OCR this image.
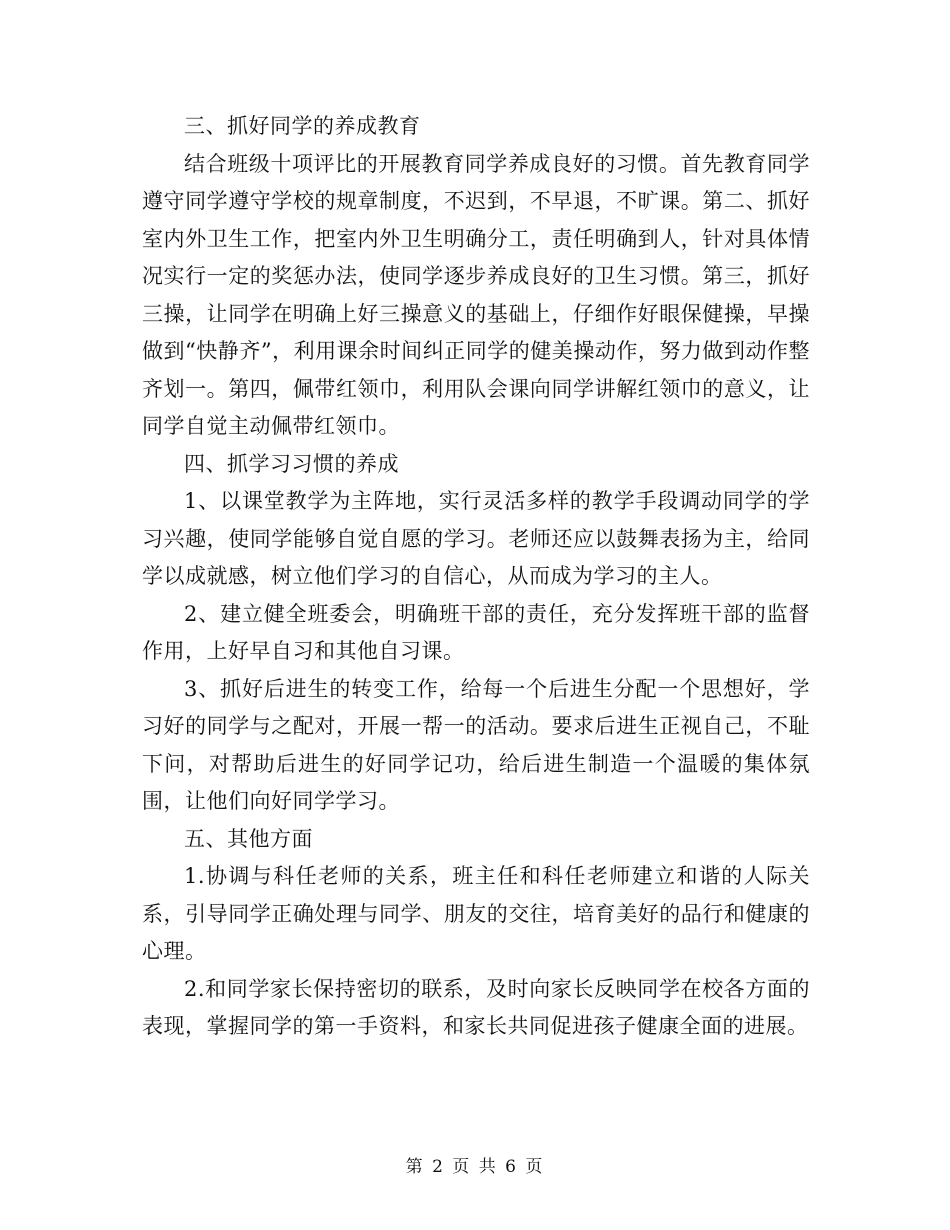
三、抓好同学的养成教育

结合班级十项评比的开展教育同学养成良好的习惯。首先教育同学遵守同学遵守学校的规章制度，不迟到，不早退，不旷课。第二、抓好室内外卫生工作，把室内外卫生明确分工，责任明确到人，针对具体情况实行一定的奖惩办法，使同学逐步养成良好的卫生习惯。第三，抓好三操，让同学在明确上好三操意义的基础上，仔细作好眼保健操，早操做到“快静齐”，利用课余时间纠正同学的健美操动作，努力做到动作整齐划一。第四，佩带红领巾，利用队会课向同学讲解红领巾的意义，让同学自觉主动佩带红领巾。

四、抓学习习惯的养成

1、以课堂教学为主阵地，实行灵活多样的教学手段调动同学的学习兴趣，使同学能够自觉自愿的学习。老师还应以鼓舞表扬为主，给同学以成就感，树立他们学习的自信心，从而成为学习的主人。

2、建立健全班委会，明确班干部的责任，充分发挥班干部的监督作用，上好早自习和其他自习课。

3、抓好后进生的转变工作，给每一个后进生分配一个思想好，学习好的同学与之配对，开展一帮一的活动。要求后进生正视自己，不耻下问，对帮助后进生的好同学记功，给后进生制造一个温暖的集体氛围，让他们向好同学学习。

五、其他方面

1.协调与科任老师的关系，班主任和科任老师建立和谐的人际关系，引导同学正确处理与同学、朋友的交往，培育美好的品行和健康的心理。

2.和同学家长保持密切的联系，及时向家长反映同学在校各方面的表现，掌握同学的第一手资料，和家长共同促进孩子健康全面的进展。

第 2 页 共 6 页
